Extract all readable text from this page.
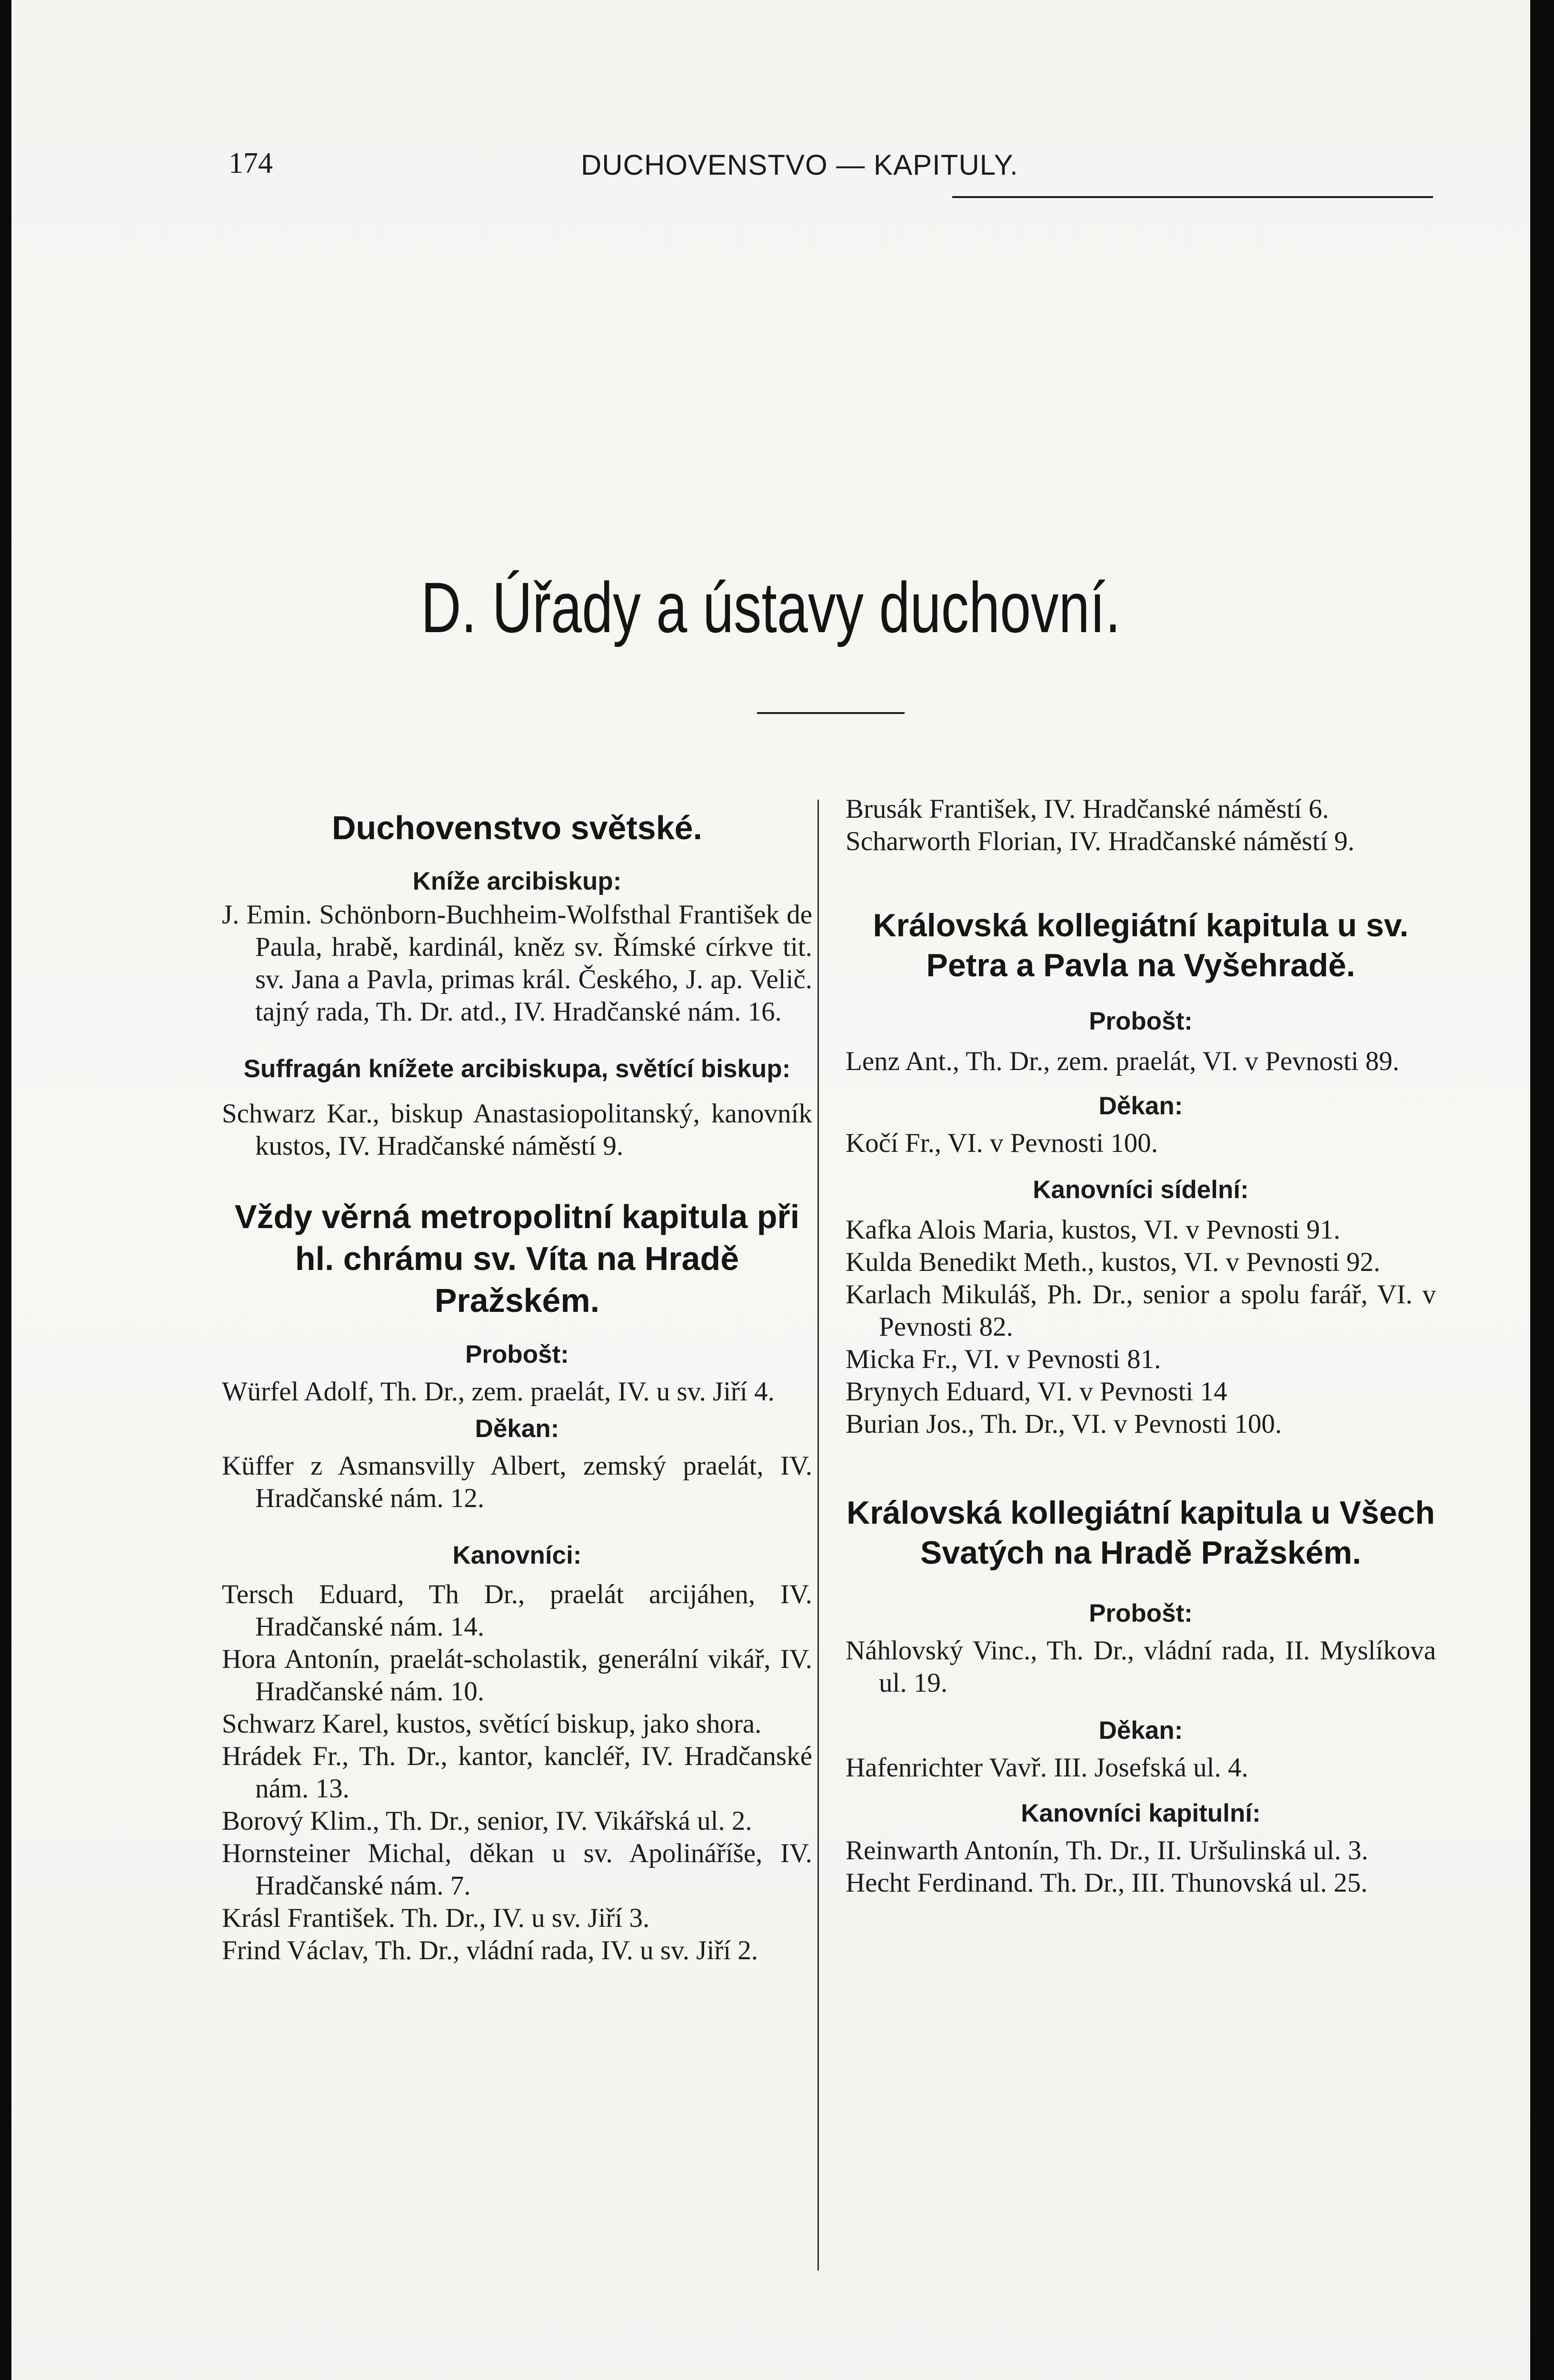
174	DUCHOVENSTVO — KAPITULY.
D. Úřady a ústavy duchovní.
Duchovenstvo světské.
Kníže arcibiskup:
J. Emin. Schönborn-Buchheim-Wolfsthal František de Paula, hrabě, kardinál, kněz sv. Římské církve tit. sv. Jana a Pavla, primas král. Českého, J. ap. Velič. tajný rada, Th. Dr. atd., IV. Hradčanské nám. 16.
Suffragán knížete arcibiskupa, světící biskup:
Schwarz Kar., biskup Anastasiopolitanský, kanovník kustos, IV. Hradčanské náměstí 9.
Vždy věrná metropolitní kapitula při hl. chrámu sv. Víta na Hradě Pražském.
Probošt:
Würfel Adolf, Th. Dr., zem. praelát, IV. u sv. Jiří 4.
Děkan:
Küffer z Asmansvilly Albert, zemský praelát, IV. Hradčanské nám. 12.
Kanovníci:
Tersch Eduard, Th Dr., praelát arcijáhen, IV. Hradčanské nám. 14.
Hora Antonín, praelát-scholastik, generální vikář, IV. Hradčanské nám. 10.
Schwarz Karel, kustos, světící biskup, jako shora.
Hrádek Fr., Th. Dr., kantor, kancléř, IV. Hradčanské nám. 13.
Borový Klim., Th. Dr., senior, IV. Vikářská ul. 2.
Hornsteiner Michal, děkan u sv. Apolináříše, IV. Hradčanské nám. 7.
Krásl František. Th. Dr., IV. u sv. Jiří 3.
Frind Václav, Th. Dr., vládní rada, IV. u sv. Jiří 2.
Brusák František, IV. Hradčanské náměstí 6.
Scharworth Florian, IV. Hradčanské náměstí 9.
Královská kollegiátní kapitula u sv. Petra a Pavla na Vyšehradě.
Probošt:
Lenz Ant., Th. Dr., zem. praelát, VI. v Pevnosti 89.
Děkan:
Kočí Fr., VI. v Pevnosti 100.
Kanovníci sídelní:
Kafka Alois Maria, kustos, VI. v Pevnosti 91.
Kulda Benedikt Meth., kustos, VI. v Pevnosti 92.
Karlach Mikuláš, Ph. Dr., senior a spolu farář, VI. v Pevnosti 82.
Micka Fr., VI. v Pevnosti 81.
Brynych Eduard, VI. v Pevnosti 14
Burian Jos., Th. Dr., VI. v Pevnosti 100.
Královská kollegiátní kapitula u Všech Svatých na Hradě Pražském.
Probošt:
Náhlovský Vinc., Th. Dr., vládní rada, II. Myslíkova ul. 19.
Děkan:
Hafenrichter Vavř. III. Josefská ul. 4.
Kanovníci kapitulní:
Reinwarth Antonín, Th. Dr., II. Uršulinská ul. 3.
Hecht Ferdinand. Th. Dr., III. Thunovská ul. 25.
